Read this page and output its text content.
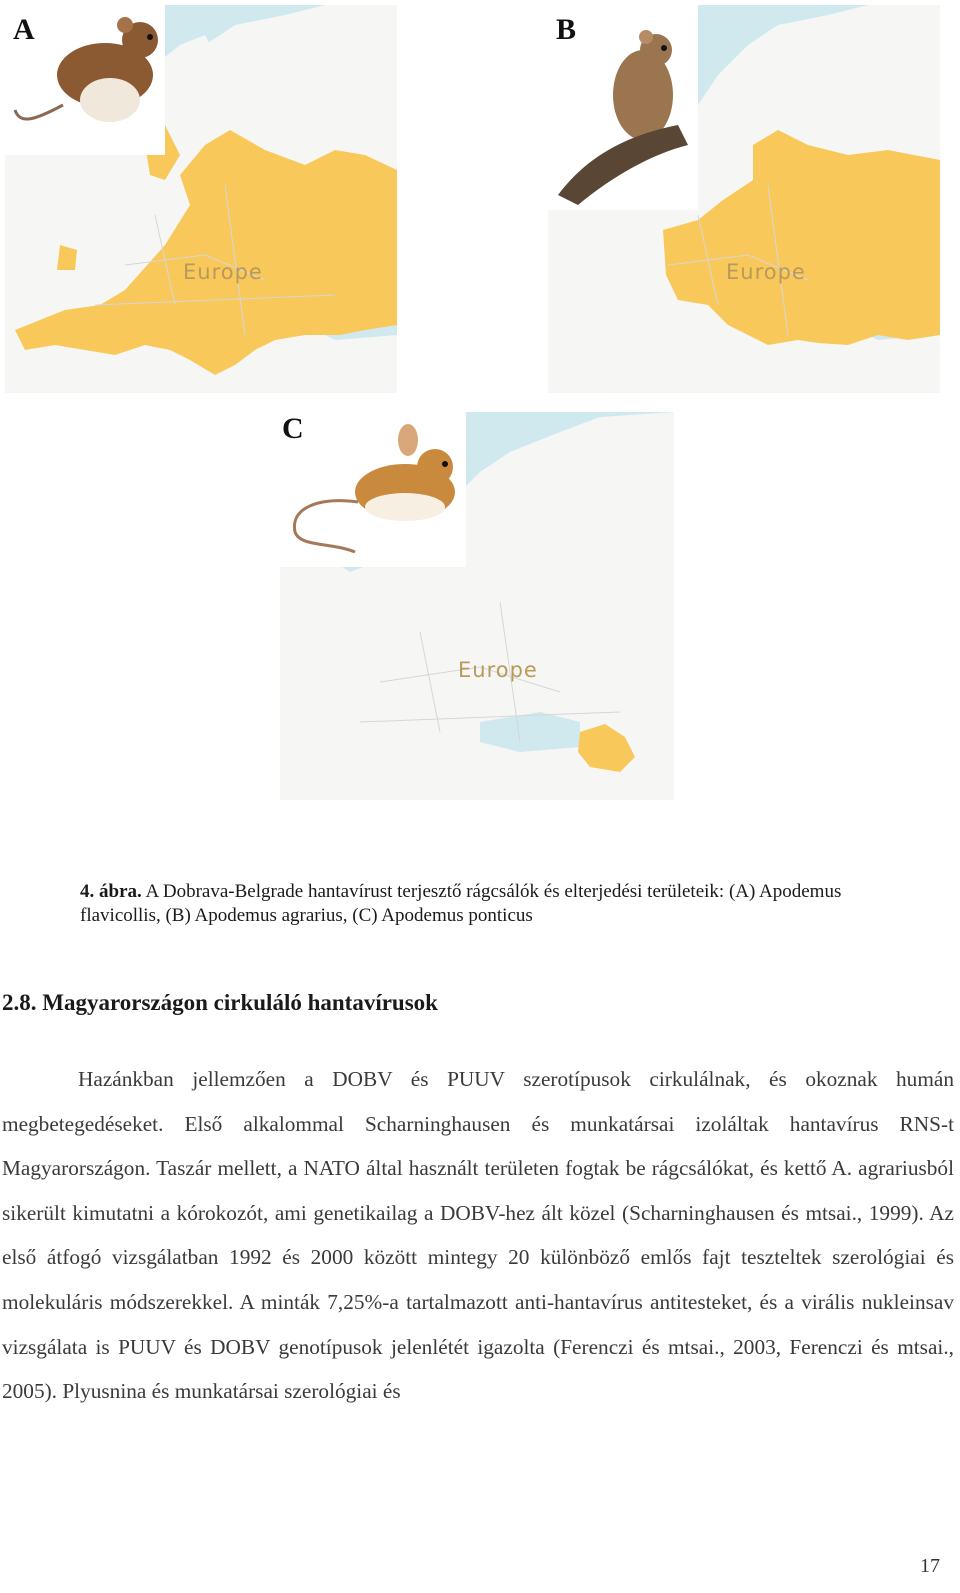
A
Europe
B
Europe
C
Europe
4. ábra. A Dobrava-Belgrade hantavírust terjesztő rágcsálók és elterjedési területeik: (A) Apodemus flavicollis, (B) Apodemus agrarius, (C) Apodemus ponticus
2.8. Magyarországon cirkuláló hantavírusok

Hazánkban jellemzően a DOBV és PUUV szerotípusok cirkulálnak, és okoznak humán megbetegedéseket. Első alkalommal Scharninghausen és munkatársai izoláltak hantavírus RNS-t Magyarországon. Taszár mellett, a NATO által használt területen fogtak be rágcsálókat, és kettő A. agrariusból sikerült kimutatni a kórokozót, ami genetikailag a DOBV-hez ált közel (Scharninghausen és mtsai., 1999). Az első átfogó vizsgálatban 1992 és 2000 között mintegy 20 különböző emlős fajt teszteltek szerológiai és molekuláris módszerekkel. A minták 7,25%-a tartalmazott anti-hantavírus antitesteket, és a virális nukleinsav vizsgálata is PUUV és DOBV genotípusok jelenlétét igazolta (Ferenczi és mtsai., 2003, Ferenczi és mtsai., 2005). Plyusnina és munkatársai szerológiai és

17
